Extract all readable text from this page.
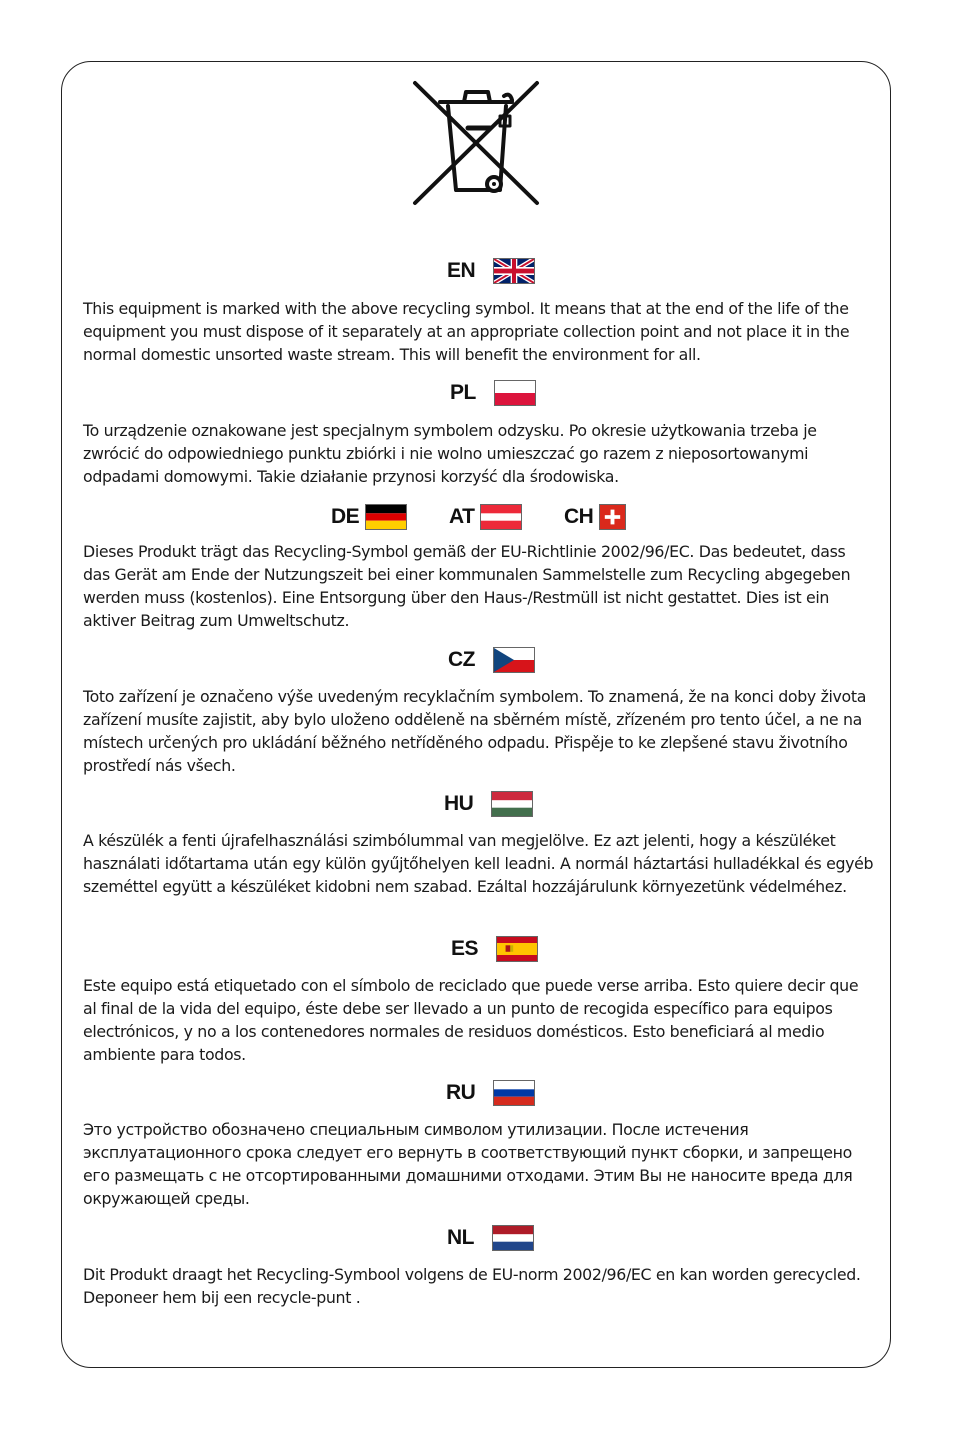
EN

This equipment is marked with the above recycling symbol. It means that at the end of the life of the equipment you must dispose of it separately at an appropriate collection point and not place it in the normal domestic unsorted waste stream. This will benefit the environment for all.

PL

To urządzenie oznakowane jest specjalnym symbolem odzysku. Po okresie użytkowania trzeba je zwrócić do odpowiedniego punktu zbiórki i nie wolno umieszczać go razem z nieposortowanymi odpadami domowymi. Takie działanie przynosi korzyść dla środowiska.

DE	AT	CH

Dieses Produkt trägt das Recycling-Symbol gemäß der EU-Richtlinie 2002/96/EC. Das bedeutet, dass das Gerät am Ende der Nutzungszeit bei einer kommunalen Sammelstelle zum Recycling abgegeben werden muss (kostenlos). Eine Entsorgung über den Haus-/Restmüll ist nicht gestattet. Dies ist ein aktiver Beitrag zum Umweltschutz.

CZ

Toto zařízení je označeno výše uvedeným recyklačním symbolem. To znamená, že na konci doby života zařízení musíte zajistit, aby bylo uloženo odděleně na sběrném místě, zřízeném pro tento účel, a ne na místech určených pro ukládání běžného netříděného odpadu. Přispěje to ke zlepšené stavu životního prostředí nás všech.

HU

A készülék a fenti újrafelhasználási szimbólummal van megjelölve. Ez azt jelenti, hogy a készüléket használati időtartama után egy külön gyűjtőhelyen kell leadni. A normál háztartási hulladékkal és egyéb szeméttel együtt a készüléket kidobni nem szabad. Ezáltal hozzájárulunk környezetünk védelméhez.

ES

Este equipo está etiquetado con el símbolo de reciclado que puede verse arriba. Esto quiere decir que al final de la vida del equipo, éste debe ser llevado a un punto de recogida específico para equipos electrónicos, y no a los contenedores normales de residuos domésticos. Esto beneficiará al medio ambiente para todos.

RU

Это устройство обозначено специальным символом утилизации. После истечения эксплуатационного срока следует его вернуть в соответствующий пункт сборки, и запрещено его размещать с не отсортированными домашними отходами. Этим Вы не наносите вреда для окружающей среды.

NL

Dit Produkt draagt het Recycling-Symbool volgens de EU-norm 2002/96/EC en kan worden gerecycled. Deponeer hem bij een recycle-punt .
